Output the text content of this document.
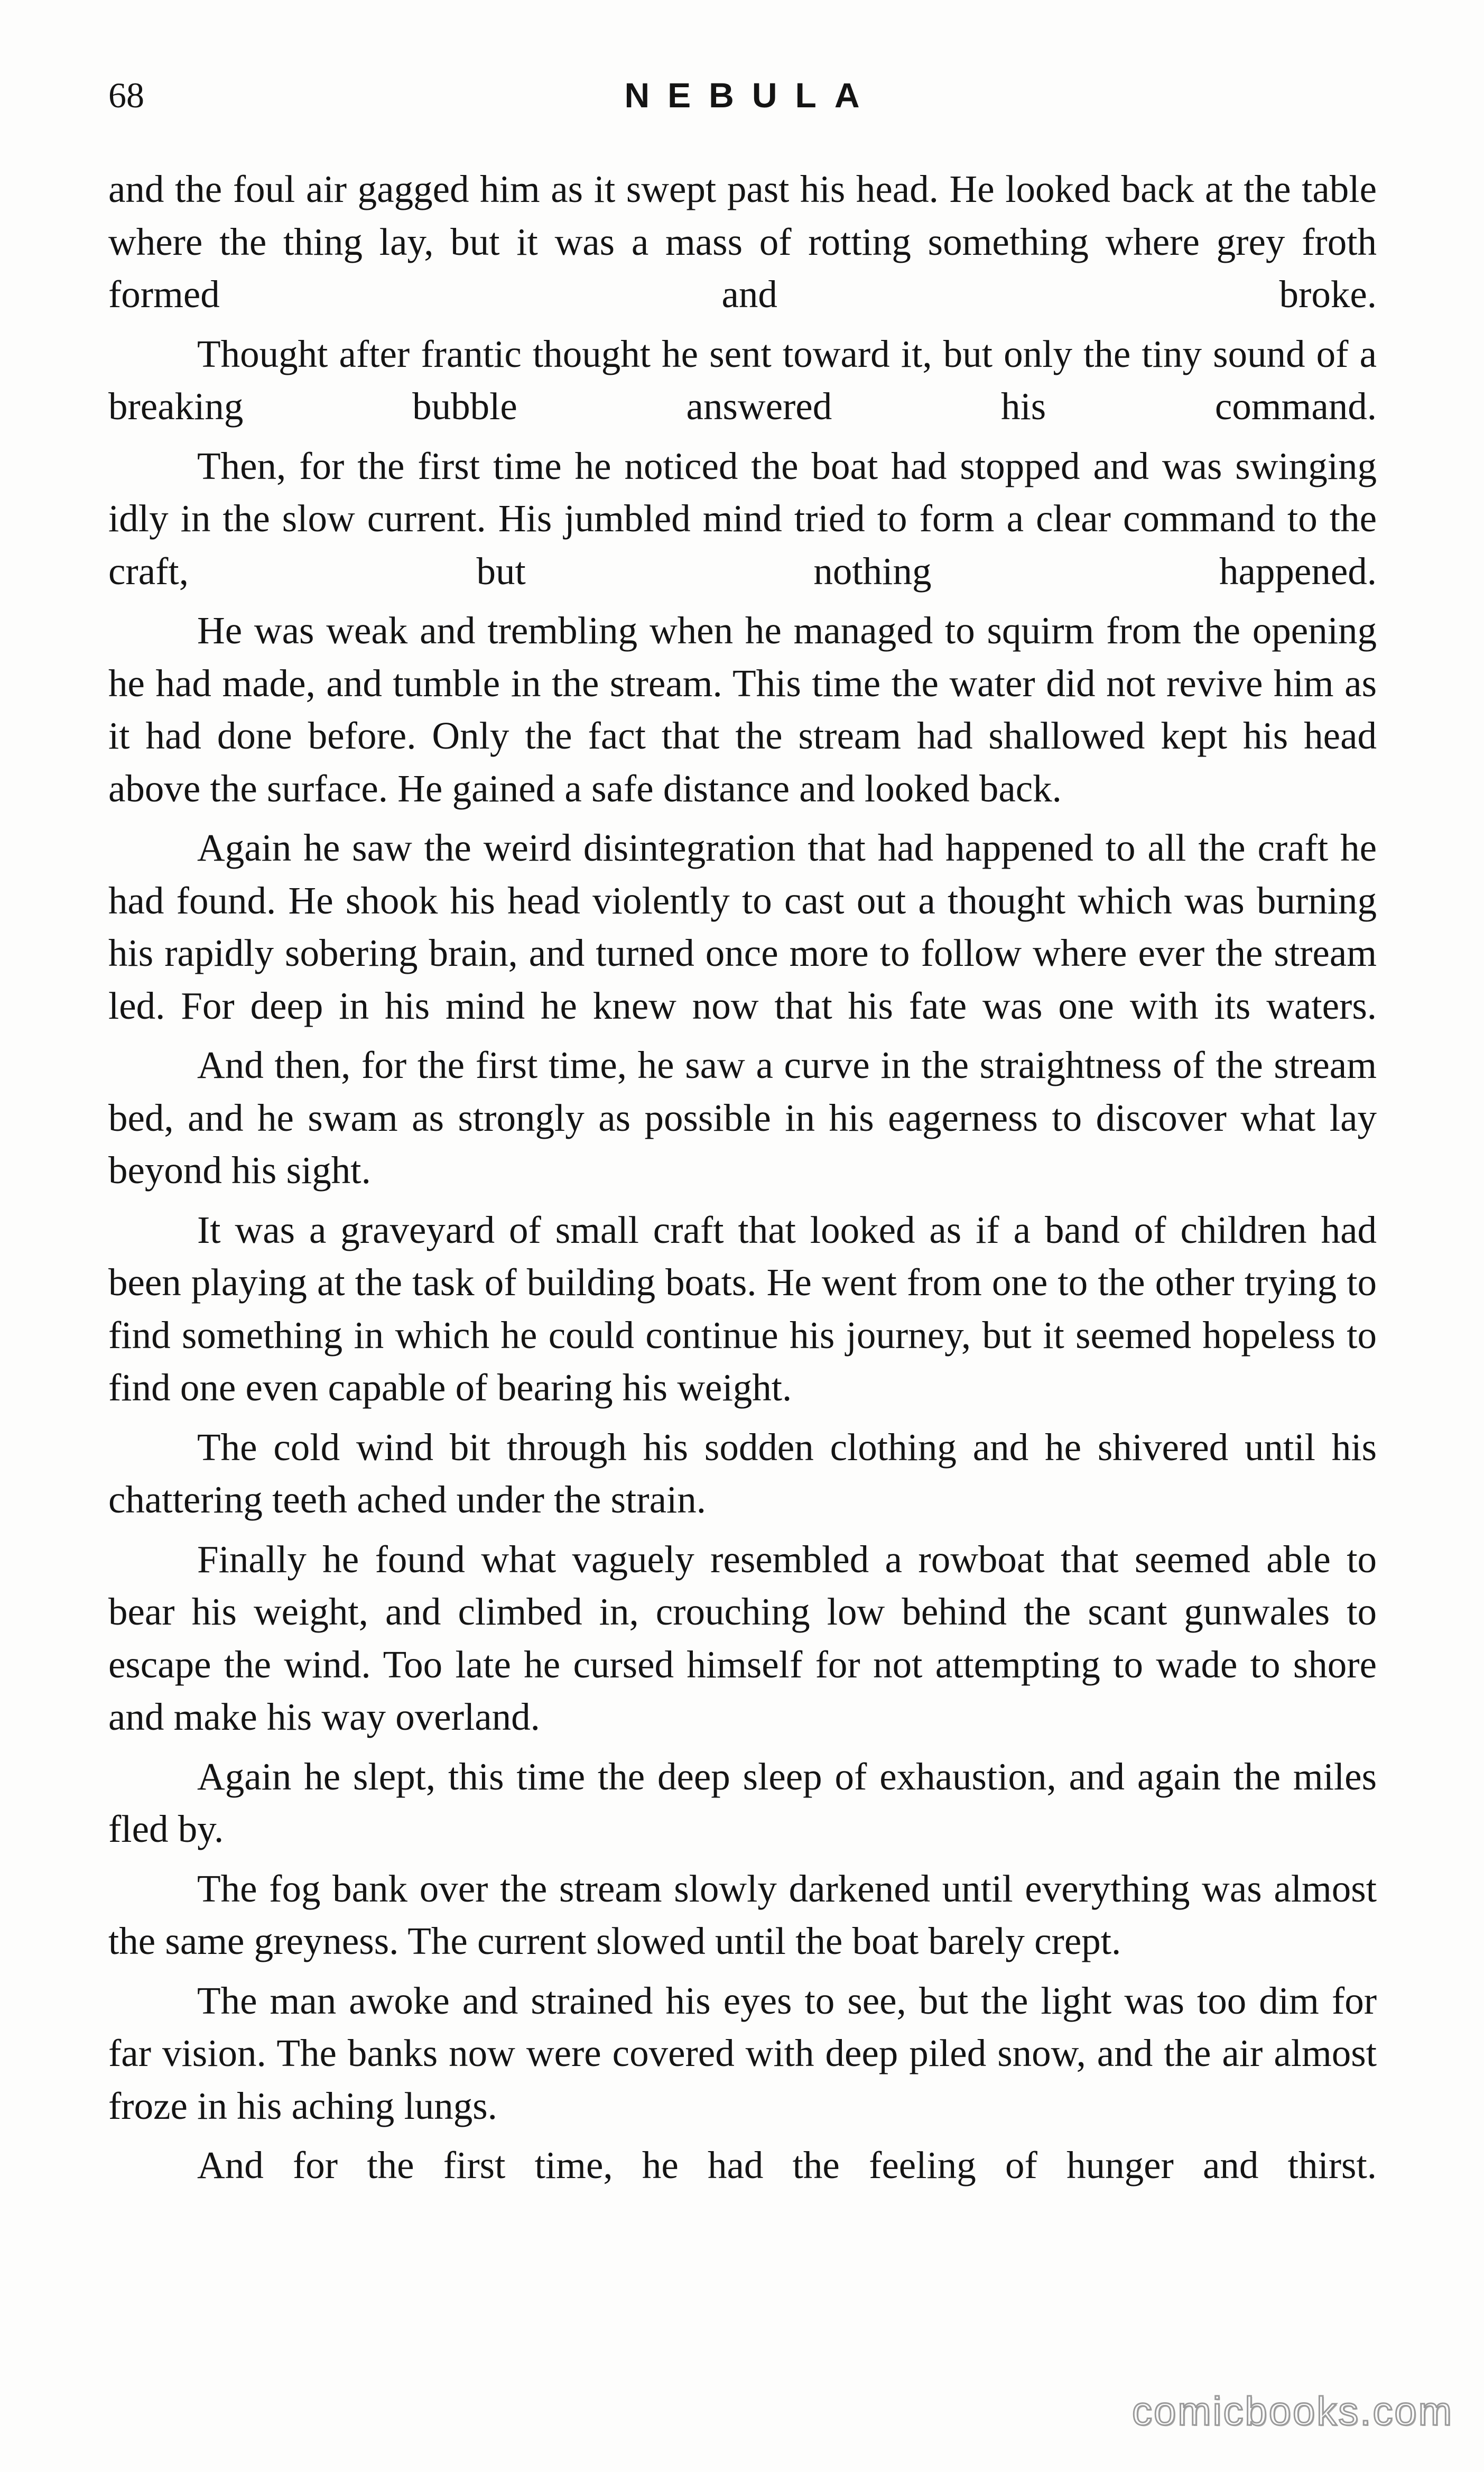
68	NEBULA

and the foul air gagged him as it swept past his head. He looked back at the table where the thing lay, but it was a mass of rotting something where grey froth formed and broke.

Thought after frantic thought he sent toward it, but only the tiny sound of a breaking bubble answered his command.

Then, for the first time he noticed the boat had stopped and was swinging idly in the slow current. His jumbled mind tried to form a clear command to the craft, but nothing happened.

He was weak and trembling when he managed to squirm from the opening he had made, and tumble in the stream. This time the water did not revive him as it had done before. Only the fact that the stream had shallowed kept his head above the surface. He gained a safe distance and looked back.

Again he saw the weird disintegration that had happened to all the craft he had found. He shook his head violently to cast out a thought which was burning his rapidly sobering brain, and turned once more to follow where ever the stream led. For deep in his mind he knew now that his fate was one with its waters.

And then, for the first time, he saw a curve in the straightness of the stream bed, and he swam as strongly as possible in his eagerness to discover what lay beyond his sight.

It was a graveyard of small craft that looked as if a band of children had been playing at the task of building boats. He went from one to the other trying to find something in which he could continue his journey, but it seemed hopeless to find one even capable of bearing his weight.

The cold wind bit through his sodden clothing and he shivered until his chattering teeth ached under the strain.

Finally he found what vaguely resembled a rowboat that seemed able to bear his weight, and climbed in, crouching low behind the scant gunwales to escape the wind. Too late he cursed himself for not attempting to wade to shore and make his way overland.

Again he slept, this time the deep sleep of exhaustion, and again the miles fled by.

The fog bank over the stream slowly darkened until everything was almost the same greyness. The current slowed until the boat barely crept.

The man awoke and strained his eyes to see, but the light was too dim for far vision. The banks now were covered with deep piled snow, and the air almost froze in his aching lungs.

And for the first time, he had the feeling of hunger and thirst.

comicbooks.com
